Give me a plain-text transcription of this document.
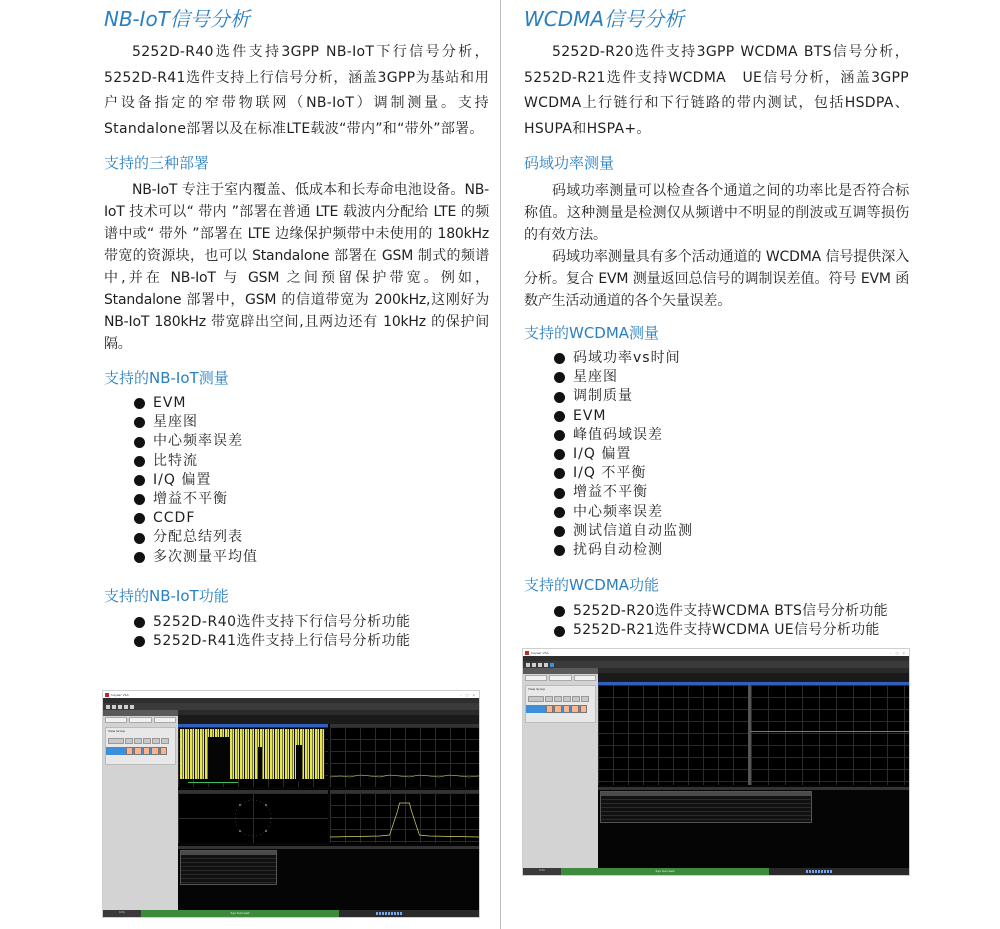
NB-IoT信号分析

5252D-R40选件支持3GPP NB-IoT下行信号分析，5252D-R41选件支持上行信号分析，涵盖3GPP为基站和用户设备指定的窄带物联网（NB-IoT）调制测量。支持Standalone部署以及在标准LTE载波“带内”和“带外”部署。

支持的三种部署

NB-IoT 专注于室内覆盖、低成本和长寿命电池设备。NB-IoT 技术可以“ 带内 ”部署在普通 LTE 载波内分配给 LTE 的频谱中或“ 带外 ”部署在 LTE 边缘保护频带中未使用的 180kHz 带宽的资源块，也可以 Standalone 部署在 GSM 制式的频谱中,并在 NB-IoT 与 GSM 之间预留保护带宽。例如，Standalone 部署中，GSM 的信道带宽为 200kHz,这刚好为 NB-IoT 180kHz 带宽辟出空间,且两边还有 10kHz 的保护间隔。

支持的NB-IoT测量
EVM
星座图
中心频率误差
比特流
I/Q 偏置
增益不平衡
CCDF
分配总结列表
多次测量平均值
支持的NB-IoT功能
5252D-R40选件支持下行信号分析功能
5252D-R41选件支持上行信号分析功能
Ceyear VSA	– □ ×
View Group
Info	Sys Succeed
WCDMA信号分析

5252D-R20选件支持3GPP WCDMA BTS信号分析，5252D-R21选件支持WCDMA　UE信号分析，涵盖3GPP WCDMA上行链行和下行链路的带内测试，包括HSDPA、HSUPA和HSPA+。

码域功率测量

码域功率测量可以检查各个通道之间的功率比是否符合标称值。这种测量是检测仅从频谱中不明显的削波或互调等损伤的有效方法。

码域功率测量具有多个活动通道的 WCDMA 信号提供深入分析。复合 EVM 测量返回总信号的调制误差值。符号 EVM 函数产生活动通道的各个矢量误差。

支持的WCDMA测量
码域功率vs时间
星座图
调制质量
EVM
峰值码域误差
I/Q 偏置
I/Q 不平衡
增益不平衡
中心频率误差
测试信道自动监测
扰码自动检测
支持的WCDMA功能
5252D-R20选件支持WCDMA BTS信号分析功能
5252D-R21选件支持WCDMA UE信号分析功能
Ceyear VSA	– □ ×
View Group
Info	Sys Succeed
